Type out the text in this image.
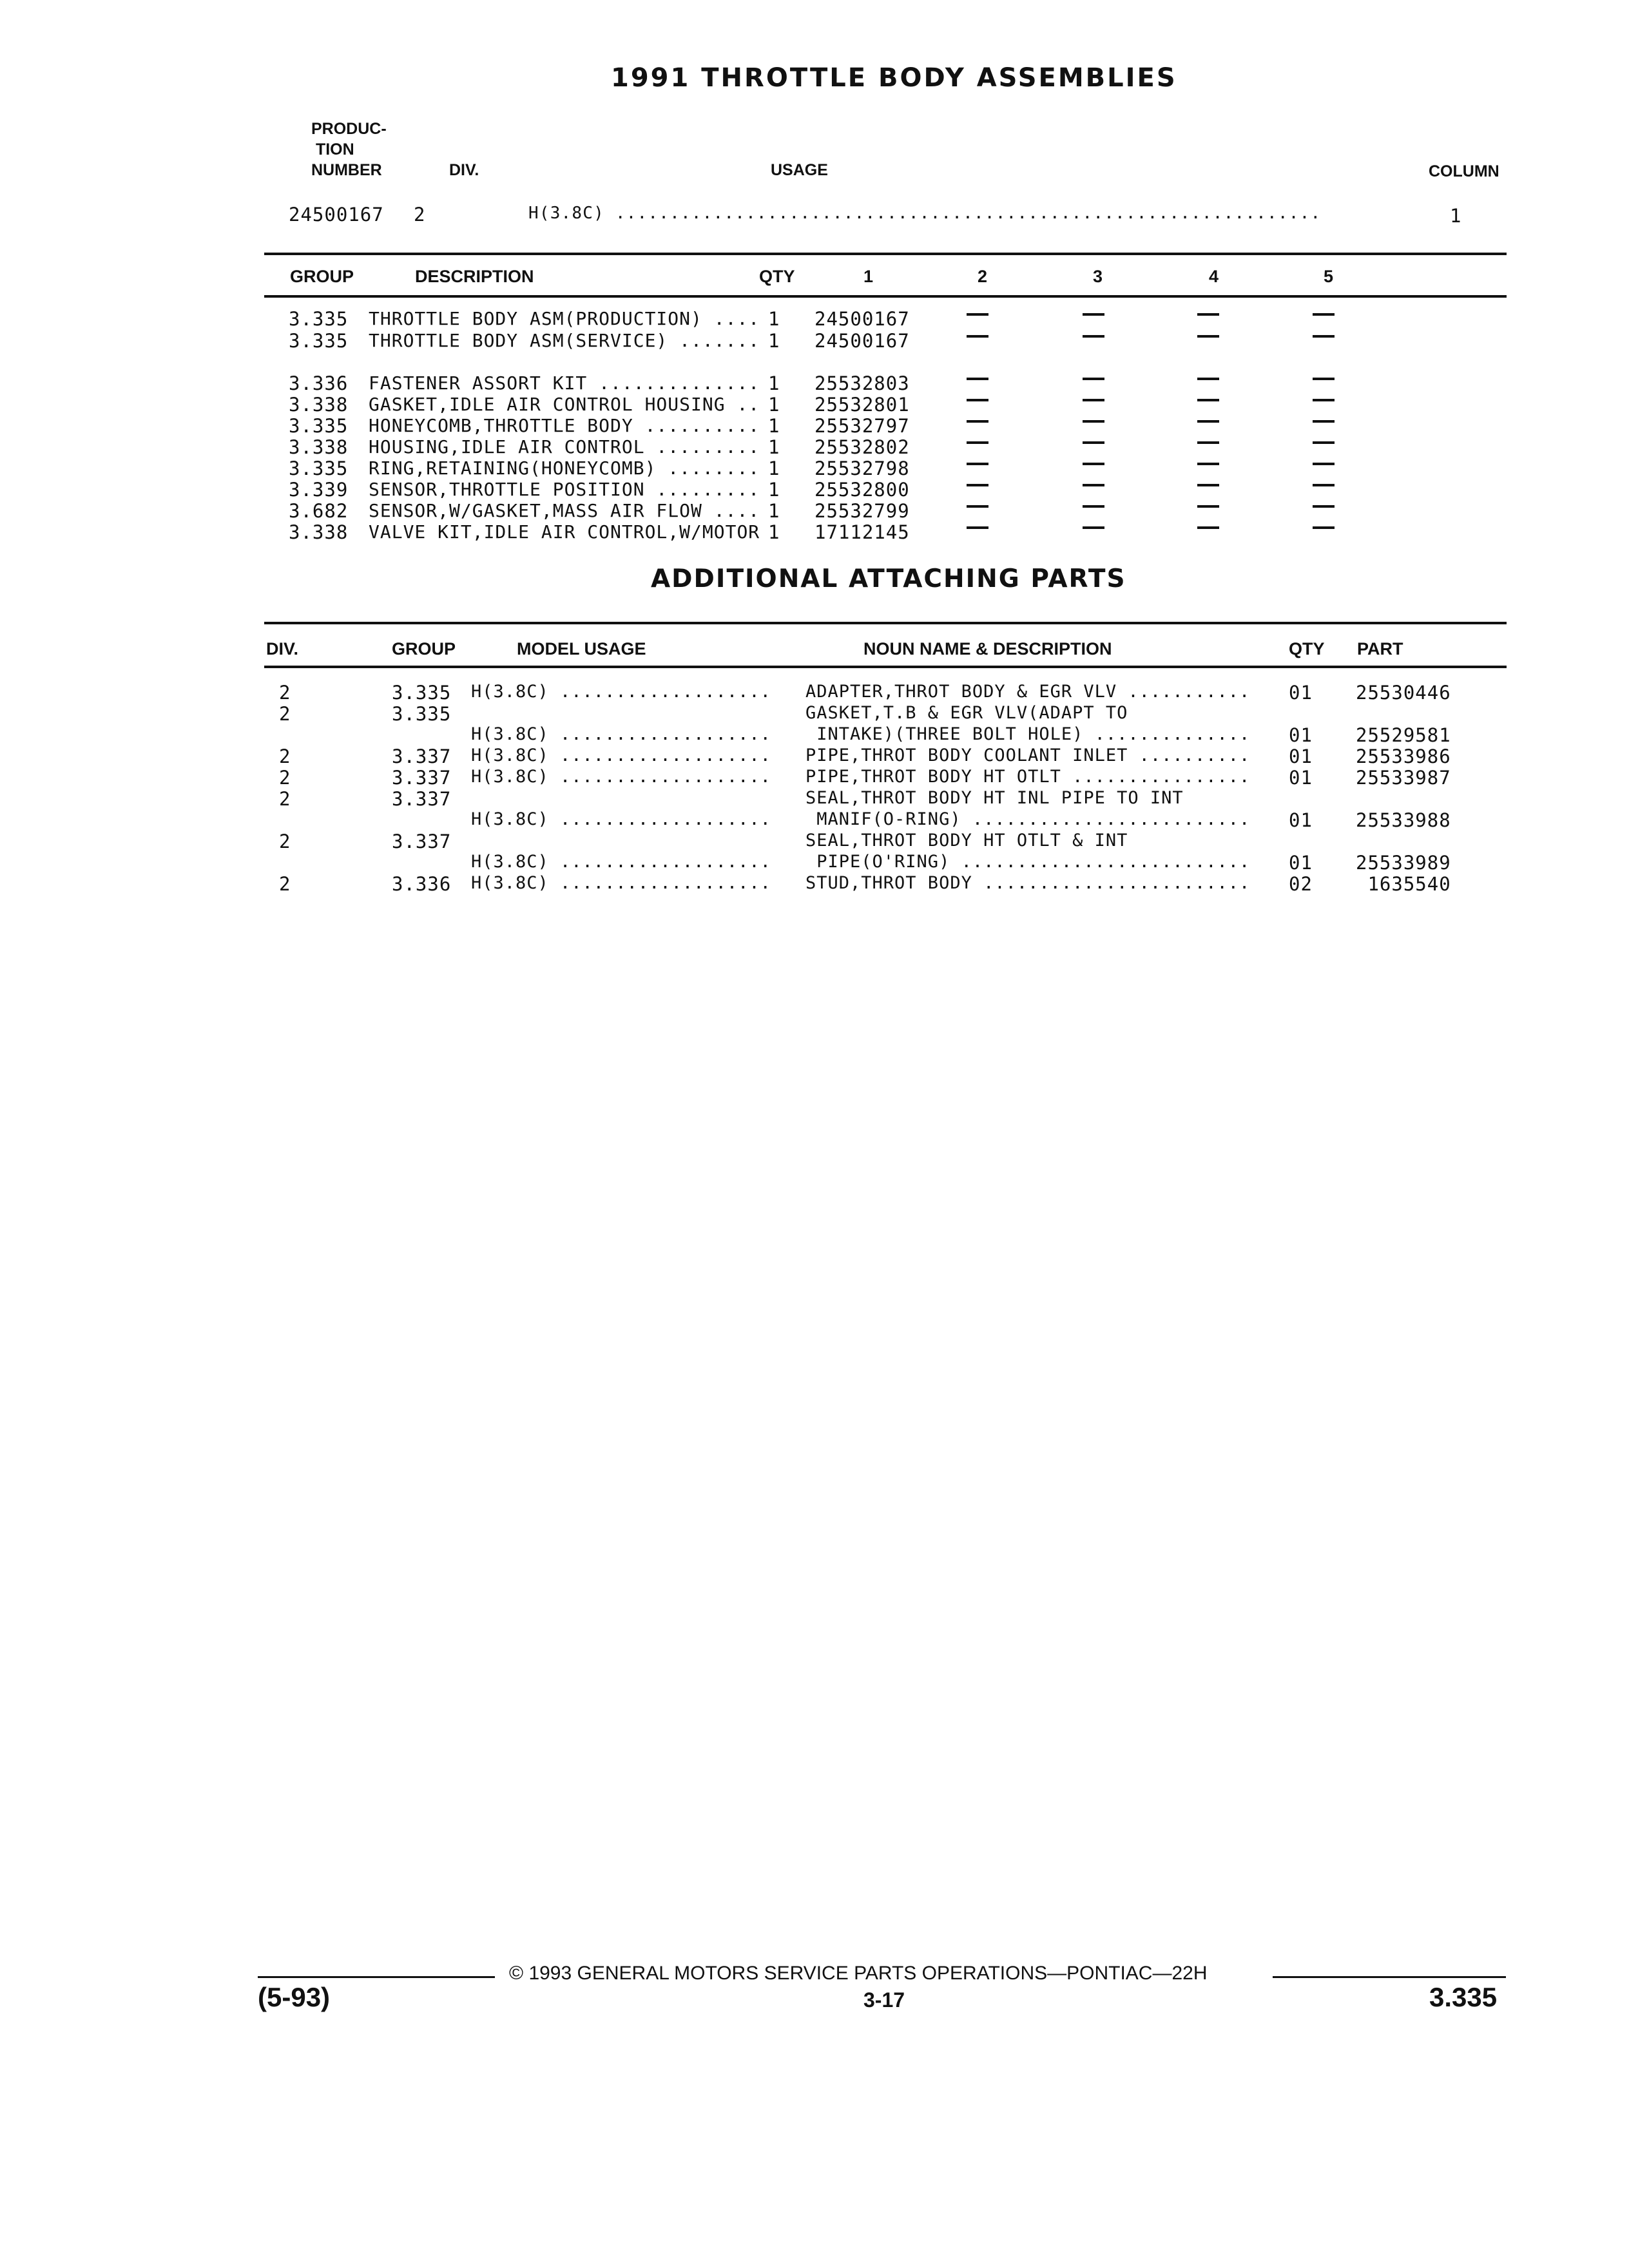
1991 THROTTLE BODY ASSEMBLIES
PRODUC-
TION
NUMBER	DIV.	USAGE	COLUMN
24500167 2	H(3.8C) .................................................................	1
GROUP	DESCRIPTION	QTY	1	2	3	4	5
3.335 THROTTLE BODY ASM(PRODUCTION) .... 1 24500167
3.335 THROTTLE BODY ASM(SERVICE) ....... 1 24500167
3.336 FASTENER ASSORT KIT .............. 1 25532803
3.338 GASKET,IDLE AIR CONTROL HOUSING .. 1 25532801
3.335 HONEYCOMB,THROTTLE BODY .......... 1 25532797
3.338 HOUSING,IDLE AIR CONTROL ......... 1 25532802
3.335 RING,RETAINING(HONEYCOMB) ........ 1 25532798
3.339 SENSOR,THROTTLE POSITION ......... 1 25532800
3.682 SENSOR,W/GASKET,MASS AIR FLOW .... 1 25532799
3.338 VALVE KIT,IDLE AIR CONTROL,W/MOTOR 1 17112145
ADDITIONAL ATTACHING PARTS
DIV.	GROUP	MODEL USAGE	NOUN NAME & DESCRIPTION	QTY PART
2	3.335 H(3.8C) ................... ADAPTER,THROT BODY & EGR VLV ........... 01 25530446
2	3.335	GASKET,T.B & EGR VLV(ADAPT TO
H(3.8C) ................... INTAKE)(THREE BOLT HOLE) .............. 01 25529581
2	3.337 H(3.8C) ................... PIPE,THROT BODY COOLANT INLET .......... 01 25533986
2	3.337 H(3.8C) ................... PIPE,THROT BODY HT OTLT ................ 01 25533987
2	3.337	SEAL,THROT BODY HT INL PIPE TO INT
H(3.8C) ................... MANIF(O-RING) ......................... 01 25533988
2	3.337	SEAL,THROT BODY HT OTLT & INT
H(3.8C) ................... PIPE(O'RING) .......................... 01 25533989
2	3.336 H(3.8C) ................... STUD,THROT BODY ........................ 02 1635540
© 1993 GENERAL MOTORS SERVICE PARTS OPERATIONS—PONTIAC—22H
(5-93)	3-17	3.335
